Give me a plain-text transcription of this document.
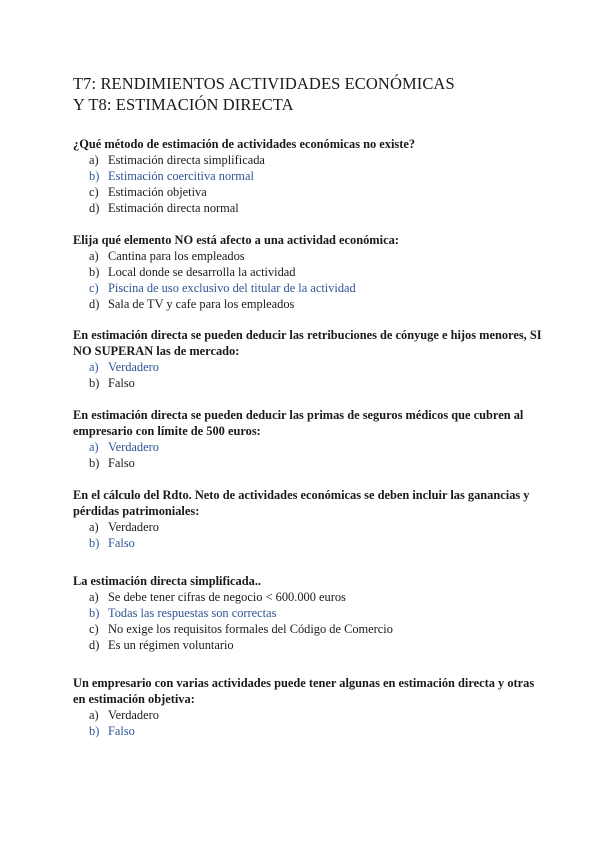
T7: RENDIMIENTOS ACTIVIDADES ECONÓMICAS
Y T8: ESTIMACIÓN DIRECTA
¿Qué método de estimación de actividades económicas no existe?
a) Estimación directa simplificada
b) Estimación coercitiva normal
c) Estimación objetiva
d) Estimación directa normal
Elija qué elemento NO está afecto a una actividad económica:
a) Cantina para los empleados
b) Local donde se desarrolla la actividad
c) Piscina de uso exclusivo del titular de la actividad
d) Sala de TV y cafe para los empleados
En estimación directa se pueden deducir las retribuciones de cónyuge e hijos menores, SI NO SUPERAN las de mercado:
a) Verdadero
b) Falso
En estimación directa se pueden deducir las primas de seguros médicos que cubren al empresario con límite de 500 euros:
a) Verdadero
b) Falso
En el cálculo del Rdto. Neto de actividades económicas se deben incluir las ganancias y pérdidas patrimoniales:
a) Verdadero
b) Falso
La estimación directa simplificada..
a) Se debe tener cifras de negocio < 600.000 euros
b) Todas las respuestas son correctas
c) No exige los requisitos formales del Código de Comercio
d) Es un régimen voluntario
Un empresario con varias actividades puede tener algunas en estimación directa y otras en estimación objetiva:
a) Verdadero
b) Falso
